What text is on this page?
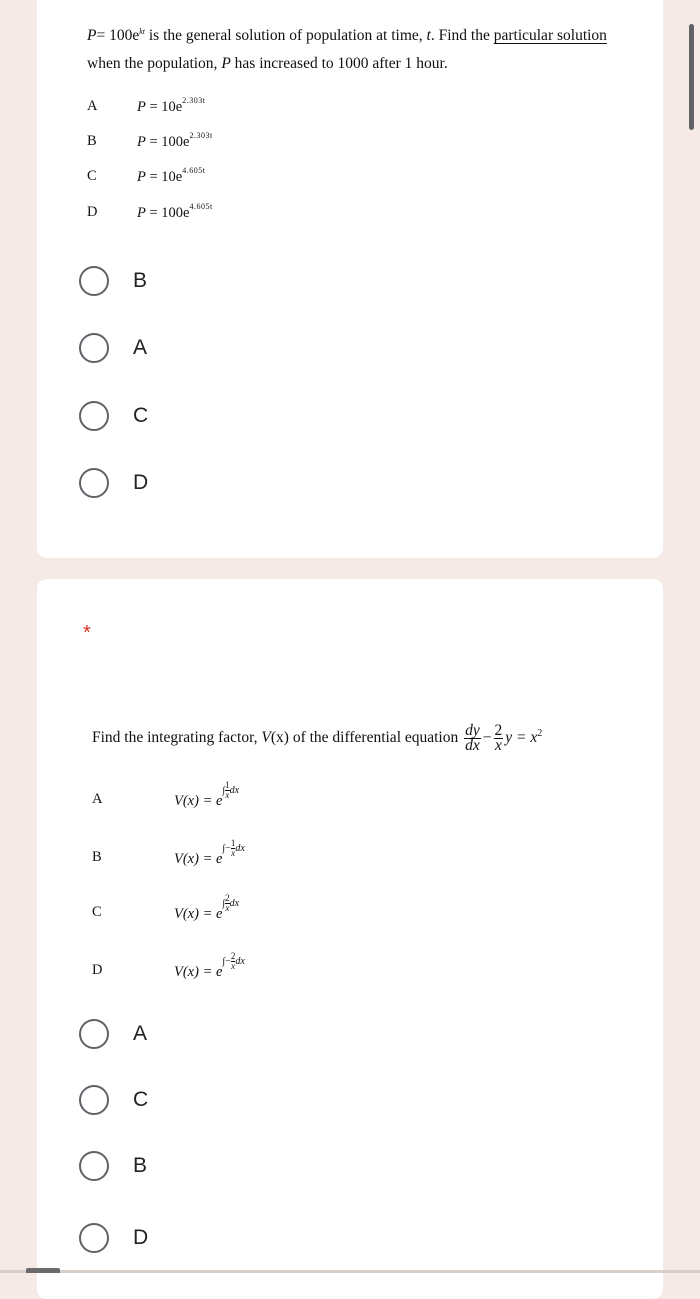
$P= 100e^{kt}$ is the general solution of population at time, t. Find the particular solution
when the population, P has increased to 1000 after 1 hour.
A	$P = 10e^{2.303t}$
B	$P = 100e^{2.303t}$
C	$P = 10e^{4.605t}$
D	$P = 100e^{4.605t}$
B
A
C
D
*
Find the integrating factor, V(x) of the differential equation $\frac{dy}{dx} - \frac{2}{x}$ $y = x^2$
A	$V(x) = e\int \frac{1}{x}dx$
B	$V(x) = e\int- \frac{1}{x}dx$
C	$V(x) = e\int \frac{2}{x}dx$
D	$V(x) = e\int- \frac{2}{x}dx$
A
C
B
D
